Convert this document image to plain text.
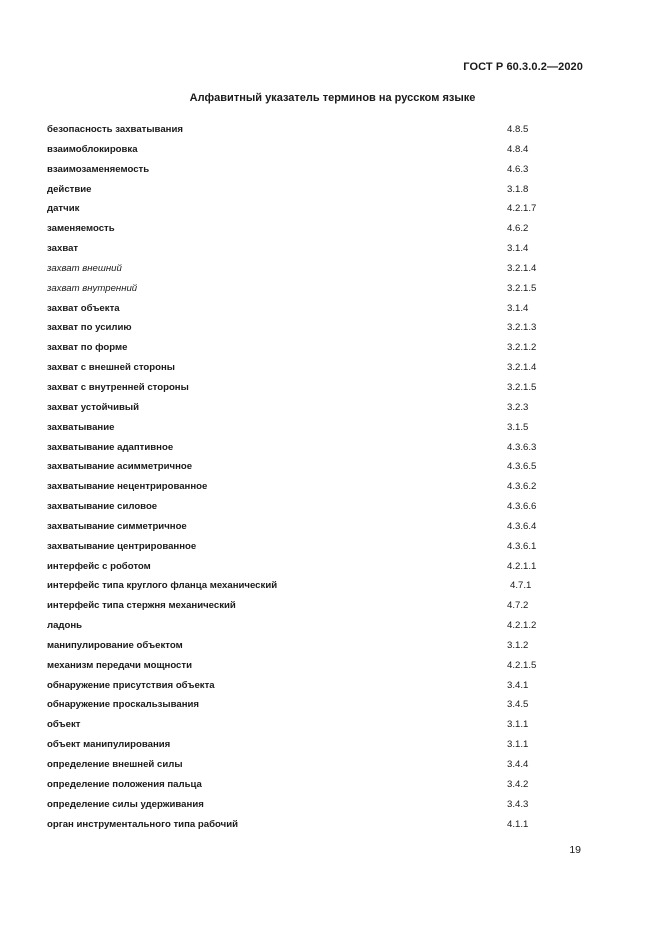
ГОСТ Р 60.3.0.2—2020
Алфавитный указатель терминов на русском языке
безопасность захватывания	4.8.5
взаимоблокировка	4.8.4
взаимозаменяемость	4.6.3
действие	3.1.8
датчик	4.2.1.7
заменяемость	4.6.2
захват	3.1.4
захват внешний	3.2.1.4
захват внутренний	3.2.1.5
захват объекта	3.1.4
захват по усилию	3.2.1.3
захват по форме	3.2.1.2
захват с внешней стороны	3.2.1.4
захват с внутренней стороны	3.2.1.5
захват устойчивый	3.2.3
захватывание	3.1.5
захватывание адаптивное	4.3.6.3
захватывание асимметричное	4.3.6.5
захватывание нецентрированное	4.3.6.2
захватывание силовое	4.3.6.6
захватывание симметричное	4.3.6.4
захватывание центрированное	4.3.6.1
интерфейс с роботом	4.2.1.1
интерфейс типа круглого фланца механический	4.7.1
интерфейс типа стержня механический	4.7.2
ладонь	4.2.1.2
манипулирование объектом	3.1.2
механизм передачи мощности	4.2.1.5
обнаружение присутствия объекта	3.4.1
обнаружение проскальзывания	3.4.5
объект	3.1.1
объект манипулирования	3.1.1
определение внешней силы	3.4.4
определение положения пальца	3.4.2
определение силы удерживания	3.4.3
орган инструментального типа рабочий	4.1.1
19
